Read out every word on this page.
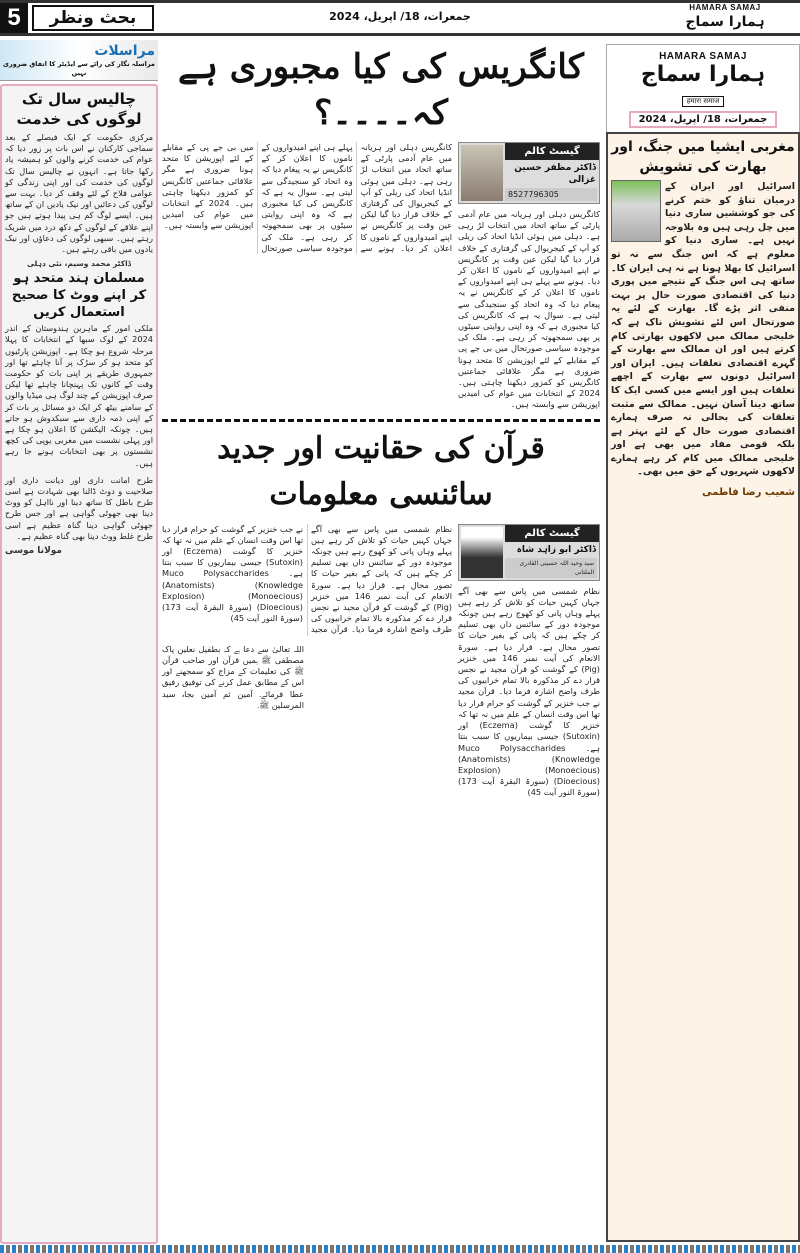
5	بحث ونظر	جمعرات، 18/ اپریل، 2024
HAMARA SAMAJ
ہمارا سماج
مراسلات
مراسلہ نگار کی رائے سے ایڈیٹر کا اتفاق ضروری نہیں
چالیس سال تک لوگوں کی خدمت
مرکزی حکومت کے ایک فیصلے کے بعد سماجی کارکنان نے اس بات پر زور دیا کہ عوام کی خدمت کرنے والوں کو ہمیشہ یاد رکھا جاتا ہے۔ انہوں نے چالیس سال تک لوگوں کی خدمت کی اور اپنی زندگی کو عوامی فلاح کے لئے وقف کر دیا۔ بہت سے لوگوں کی دعائیں اور نیک یادیں ان کے ساتھ ہیں۔ ایسے لوگ کم ہی پیدا ہوتے ہیں جو اپنے علاقے کے لوگوں کے دکھ درد میں شریک رہتے ہیں۔ سبھی لوگوں کی دعاؤں اور نیک یادوں میں باقی رہتے ہیں۔
ڈاکٹر محمد وسیم، نئی دہلی
مسلمان ہند متحد ہو کر اپنے ووٹ کا صحیح استعمال کریں
ملکی امور کے ماہرین ہندوستان کے اندر 2024 کے لوک سبھا کے انتخابات کا پہلا مرحلہ شروع ہو چکا ہے۔ اپوزیشن پارٹیوں کو متحد ہو کر سڑک پر آنا چاہئے تھا اور جمہوری طریقے پر اپنی بات کو حکومت وقت کے کانوں تک پہنچانا چاہئے تھا لیکن صرف اپوزیشن کے چند لوگ ہی میڈیا والوں کے سامنے بیٹھ کر ایک دو مسائل پر بات کر کے اپنی ذمہ داری سے سبکدوش ہو جاتے ہیں۔ چونکہ الیکشن کا اعلان ہو چکا ہے اور پہلی نشست میں مغربی یوپی کی کچھ نشستوں پر بھی انتخابات ہونے جا رہے ہیں۔
طرح امانت داری اور دیانت داری اور صلاحیت و دوٹ ڈالنا بھی شہادت ہے اسی طرح باطل کا ساتھ دینا اور نااہل کو ووٹ دینا بھی جھوٹی گواہی ہے اور جس طرح جھوٹی گواہی دینا گناہ عظیم ہے اسی طرح غلط ووٹ دینا بھی گناہ عظیم ہے۔
مولانا موسی
کانگریس کی کیا مجبوری ہے کہ۔۔۔۔؟
کانگریس دہلی اور ہریانہ میں عام آدمی پارٹی کے ساتھ اتحاد میں انتخاب لڑ رہی ہے۔ دہلی میں ہوئی انڈیا اتحاد کی ریلی کو آپ کے کیجریوال کی گرفتاری کے خلاف قرار دیا گیا لیکن عین وقت پر کانگریس نے اپنے امیدواروں کے ناموں کا اعلان کر دیا۔ ہونے سے پہلے ہی اپنے امیدواروں کے ناموں کا اعلان کر کے کانگریس نے یہ پیغام دیا کہ وہ اتحاد کو سنجیدگی سے لیتی ہے۔ سوال یہ ہے کہ کانگریس کی کیا مجبوری ہے کہ وہ اپنی روایتی سیٹوں پر بھی سمجھوتہ کر رہی ہے۔ ملک کی موجودہ سیاسی صورتحال میں بی جے پی کے مقابلے کے لئے اپوزیشن کا متحد ہونا ضروری ہے مگر علاقائی جماعتیں کانگریس کو کمزور دیکھنا چاہتی ہیں۔ 2024 کے انتخابات میں عوام کی امیدیں اپوزیشن سے وابستہ ہیں۔
گیسٹ کالم
ڈاکٹر مظفر حسین غزالی
8527796305
کانگریس دہلی اور ہریانہ میں عام آدمی پارٹی کے ساتھ اتحاد میں انتخاب لڑ رہی ہے۔ دہلی میں ہوئی انڈیا اتحاد کی ریلی کو آپ کے کیجریوال کی گرفتاری کے خلاف قرار دیا گیا لیکن عین وقت پر کانگریس نے اپنے امیدواروں کے ناموں کا اعلان کر دیا۔ ہونے سے پہلے ہی اپنے امیدواروں کے ناموں کا اعلان کر کے کانگریس نے یہ پیغام دیا کہ وہ اتحاد کو سنجیدگی سے لیتی ہے۔ سوال یہ ہے کہ کانگریس کی کیا مجبوری ہے کہ وہ اپنی روایتی سیٹوں پر بھی سمجھوتہ کر رہی ہے۔ ملک کی موجودہ سیاسی صورتحال میں بی جے پی کے مقابلے کے لئے اپوزیشن کا متحد ہونا ضروری ہے مگر علاقائی جماعتیں کانگریس کو کمزور دیکھنا چاہتی ہیں۔ 2024 کے انتخابات میں عوام کی امیدیں اپوزیشن سے وابستہ ہیں۔
قرآن کی حقانیت اور جدید سائنسی معلومات
نظام شمسی میں پاس سے بھی آگے جہاں کہیں حیات کو تلاش کر رہے ہیں پہلے وہاں پانی کو کھوج رہے ہیں چونکہ موجودہ دور کے سائنس داں بھی تسلیم کر چکے ہیں کہ پانی کے بغیر حیات کا تصور محال ہے۔ قرار دیا ہے۔ سورۃ الانعام کی آیت نمبر 146 میں خنزیر (Pig) کے گوشت کو قرآن مجید نے نجس قرار دے کر مذکورہ بالا تمام خرابیوں کی طرف واضح اشارہ فرما دیا۔ قرآن مجید نے جب خنزیر کے گوشت کو حرام قرار دیا تھا اس وقت انسان کے علم میں نہ تھا کہ خنزیر کا گوشت (Eczema) اور (Sutoxin) جیسی بیماریوں کا سبب بنتا ہے۔ Muco Polysaccharides (Anatomists) (Knowledge Explosion) (Monoecious) (Dioecious) (سورۃ البقرۃ آیت 173) (سورۃ النور آیت 45)
اللہ تعالیٰ سے دعا ہے کہ بطفیل نعلین پاک مصطفی ﷺ ہمیں قرآن اور صاحب قرآن ﷺ کی تعلیمات کے مزاج کو سمجھنے اور اس کے مطابق عمل کرنے کی توفیق رفیق عطا فرمائے۔ آمین ثم آمین بجاہ سید المرسلین ﷺ۔
گیسٹ کالم
ڈاکٹر ابو زاہد شاہ
سید وحید اللہ حسینی القادری الملتانی
نظام شمسی میں پاس سے بھی آگے جہاں کہیں حیات کو تلاش کر رہے ہیں پہلے وہاں پانی کو کھوج رہے ہیں چونکہ موجودہ دور کے سائنس داں بھی تسلیم کر چکے ہیں کہ پانی کے بغیر حیات کا تصور محال ہے۔ قرار دیا ہے۔ سورۃ الانعام کی آیت نمبر 146 میں خنزیر (Pig) کے گوشت کو قرآن مجید نے نجس قرار دے کر مذکورہ بالا تمام خرابیوں کی طرف واضح اشارہ فرما دیا۔ قرآن مجید نے جب خنزیر کے گوشت کو حرام قرار دیا تھا اس وقت انسان کے علم میں نہ تھا کہ خنزیر کا گوشت (Eczema) اور (Sutoxin) جیسی بیماریوں کا سبب بنتا ہے۔ Muco Polysaccharides (Anatomists) (Knowledge Explosion) (Monoecious) (Dioecious) (سورۃ البقرۃ آیت 173) (سورۃ النور آیت 45)
HAMARA SAMAJ
ہمارا سماج
हमारा समाज
جمعرات، 18/ اپریل، 2024
مغربی ایشیا میں جنگ، اور بھارت کی تشویش
اسرائیل اور ایران کے درمیان تناؤ کو ختم کرنے کی جو کوششیں ساری دنیا میں چل رہی ہیں وہ بلاوجہ نہیں ہے۔ ساری دنیا کو معلوم ہے کہ اس جنگ سے نہ تو اسرائیل کا بھلا ہونا ہے نہ ہی ایران کا۔ ساتھ ہی اس جنگ کے نتیجے میں پوری دنیا کی اقتصادی صورت حال پر بہت منفی اثر پڑے گا۔ بھارت کے لئے یہ صورتحال اس لئے تشویش ناک ہے کہ خلیجی ممالک میں لاکھوں بھارتی کام کرتے ہیں اور ان ممالک سے بھارت کے گہرے اقتصادی تعلقات ہیں۔ ایران اور اسرائیل دونوں سے بھارت کے اچھے تعلقات ہیں اور ایسے میں کسی ایک کا ساتھ دینا آسان نہیں۔ ممالک سے مثبت تعلقات کی بحالی نہ صرف ہمارے اقتصادی صورت حال کے لئے بہتر ہے بلکہ قومی مفاد میں بھی ہے اور خلیجی ممالک میں کام کر رہے ہمارے لاکھوں شہریوں کے حق میں بھی۔
شعیب رضا فاطمی
